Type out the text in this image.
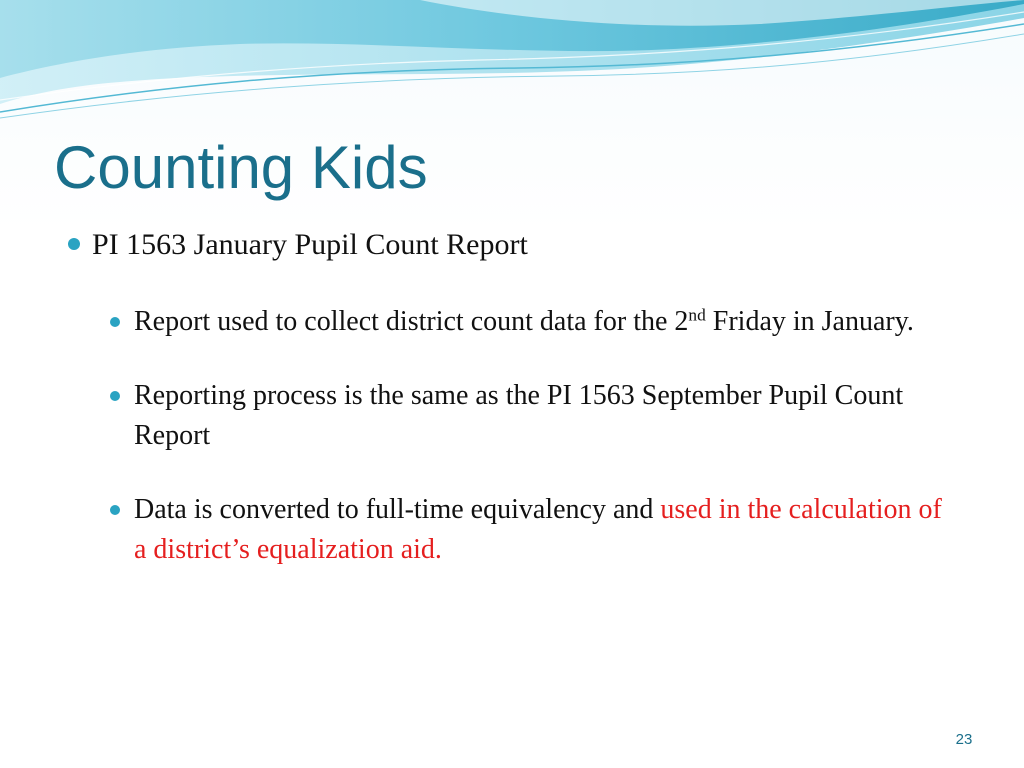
Counting Kids
PI 1563 January Pupil Count Report
Report used to collect district count data for the 2nd Friday in January.
Reporting process is the same as the PI 1563 September Pupil Count Report
Data is converted to full-time equivalency and used in the calculation of a district’s equalization aid.
23
